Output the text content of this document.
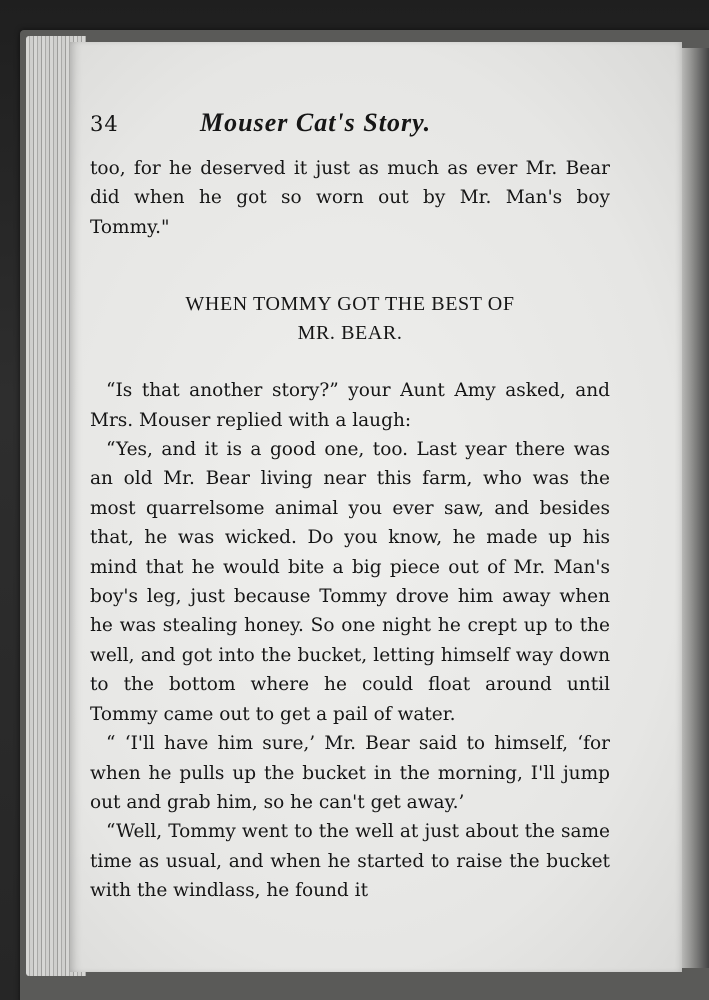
34	Mouser Cat's Story.

too, for he deserved it just as much as ever Mr. Bear did when he got so worn out by Mr. Man's boy Tommy."

WHEN TOMMY GOT THE BEST OF
MR. BEAR.

“Is that another story?” your Aunt Amy asked, and Mrs. Mouser replied with a laugh:

“Yes, and it is a good one, too. Last year there was an old Mr. Bear living near this farm, who was the most quarrelsome animal you ever saw, and besides that, he was wicked. Do you know, he made up his mind that he would bite a big piece out of Mr. Man's boy's leg, just because Tommy drove him away when he was stealing honey. So one night he crept up to the well, and got into the bucket, letting himself way down to the bottom where he could float around until Tommy came out to get a pail of water.

“ ‘I'll have him sure,’ Mr. Bear said to himself, ‘for when he pulls up the bucket in the morning, I'll jump out and grab him, so he can't get away.’

“Well, Tommy went to the well at just about the same time as usual, and when he started to raise the bucket with the windlass, he found it
